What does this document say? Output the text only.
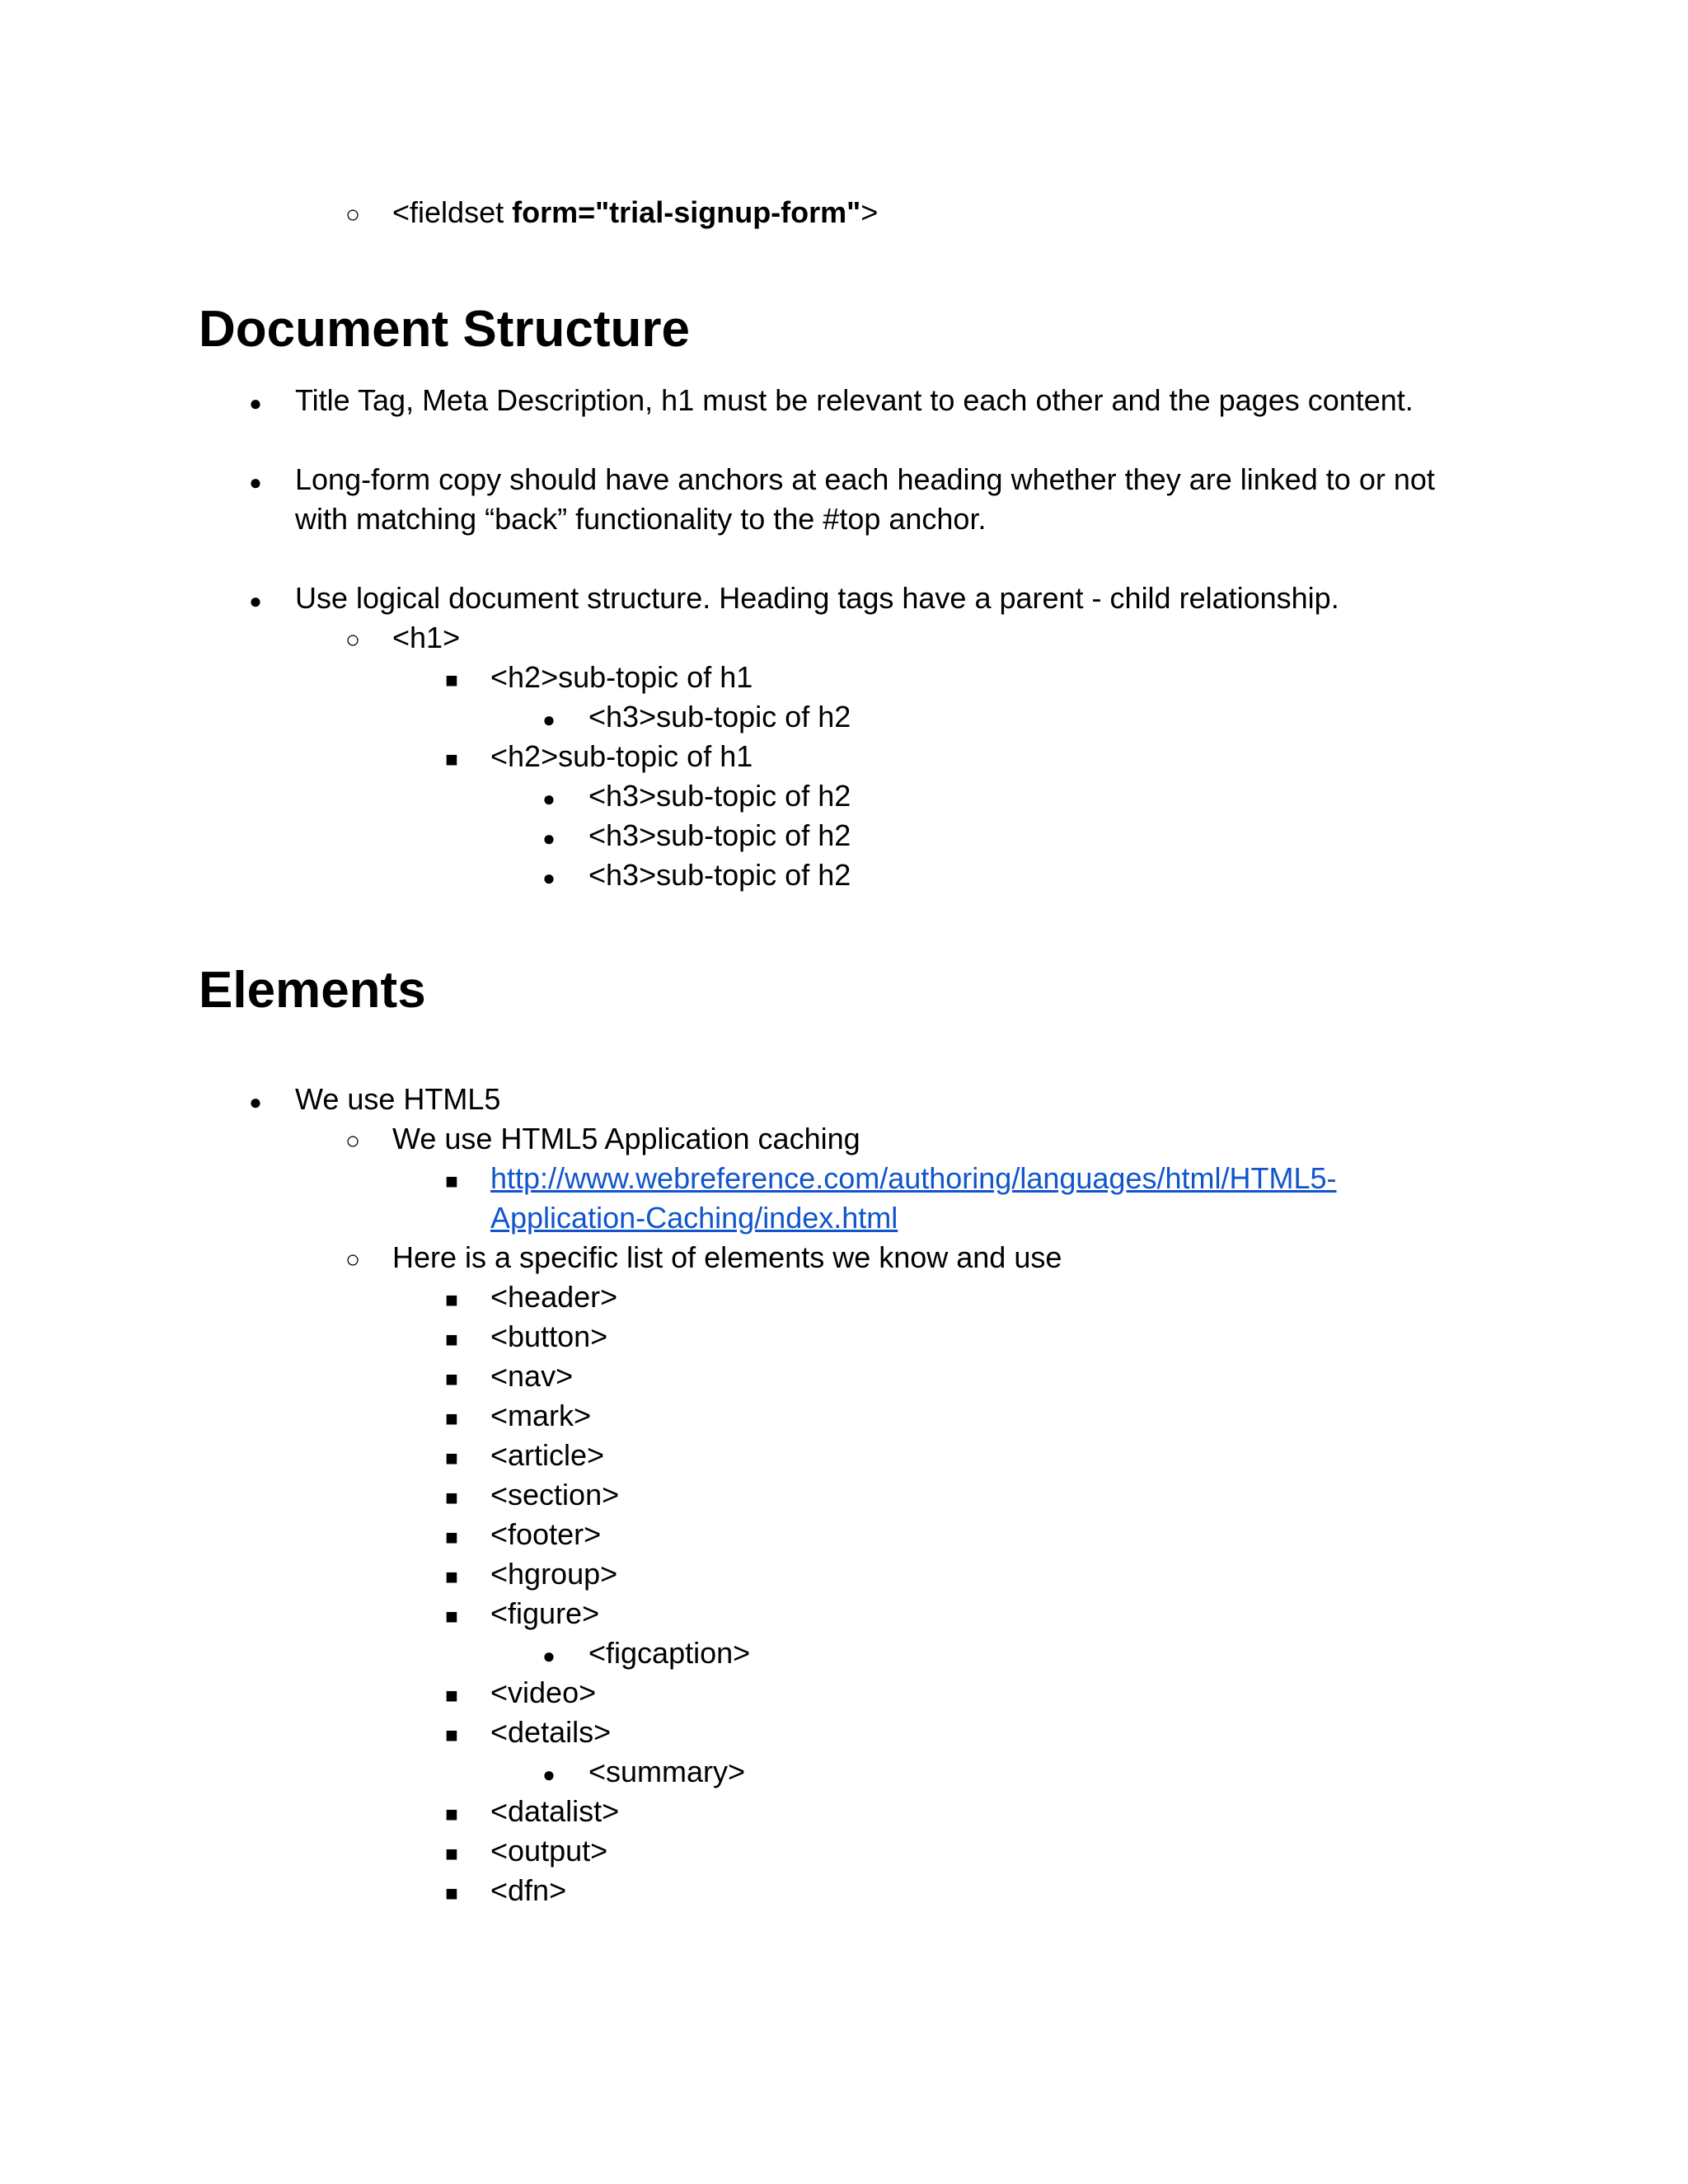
○
<fieldset form="trial-signup-form">
Document Structure
●
Title Tag, Meta Description, h1 must be relevant to each other and the pages content.
●
Long-form copy should have anchors at each heading whether they are linked to or not
with matching “back” functionality to the #top anchor.
●
Use logical document structure. Heading tags have a parent - child relationship.
○
<h1>
■
<h2>sub-topic of h1
●
<h3>sub-topic of h2
■
<h2>sub-topic of h1
●
<h3>sub-topic of h2
●
<h3>sub-topic of h2
●
<h3>sub-topic of h2
Elements
●
We use HTML5
○
We use HTML5 Application caching
■
http://www.webreference.com/authoring/languages/html/HTML5-
Application-Caching/index.html
○
Here is a specific list of elements we know and use
■
<header>
■
<button>
■
<nav>
■
<mark>
■
<article>
■
<section>
■
<footer>
■
<hgroup>
■
<figure>
●
<figcaption>
■
<video>
■
<details>
●
<summary>
■
<datalist>
■
<output>
■
<dfn>
